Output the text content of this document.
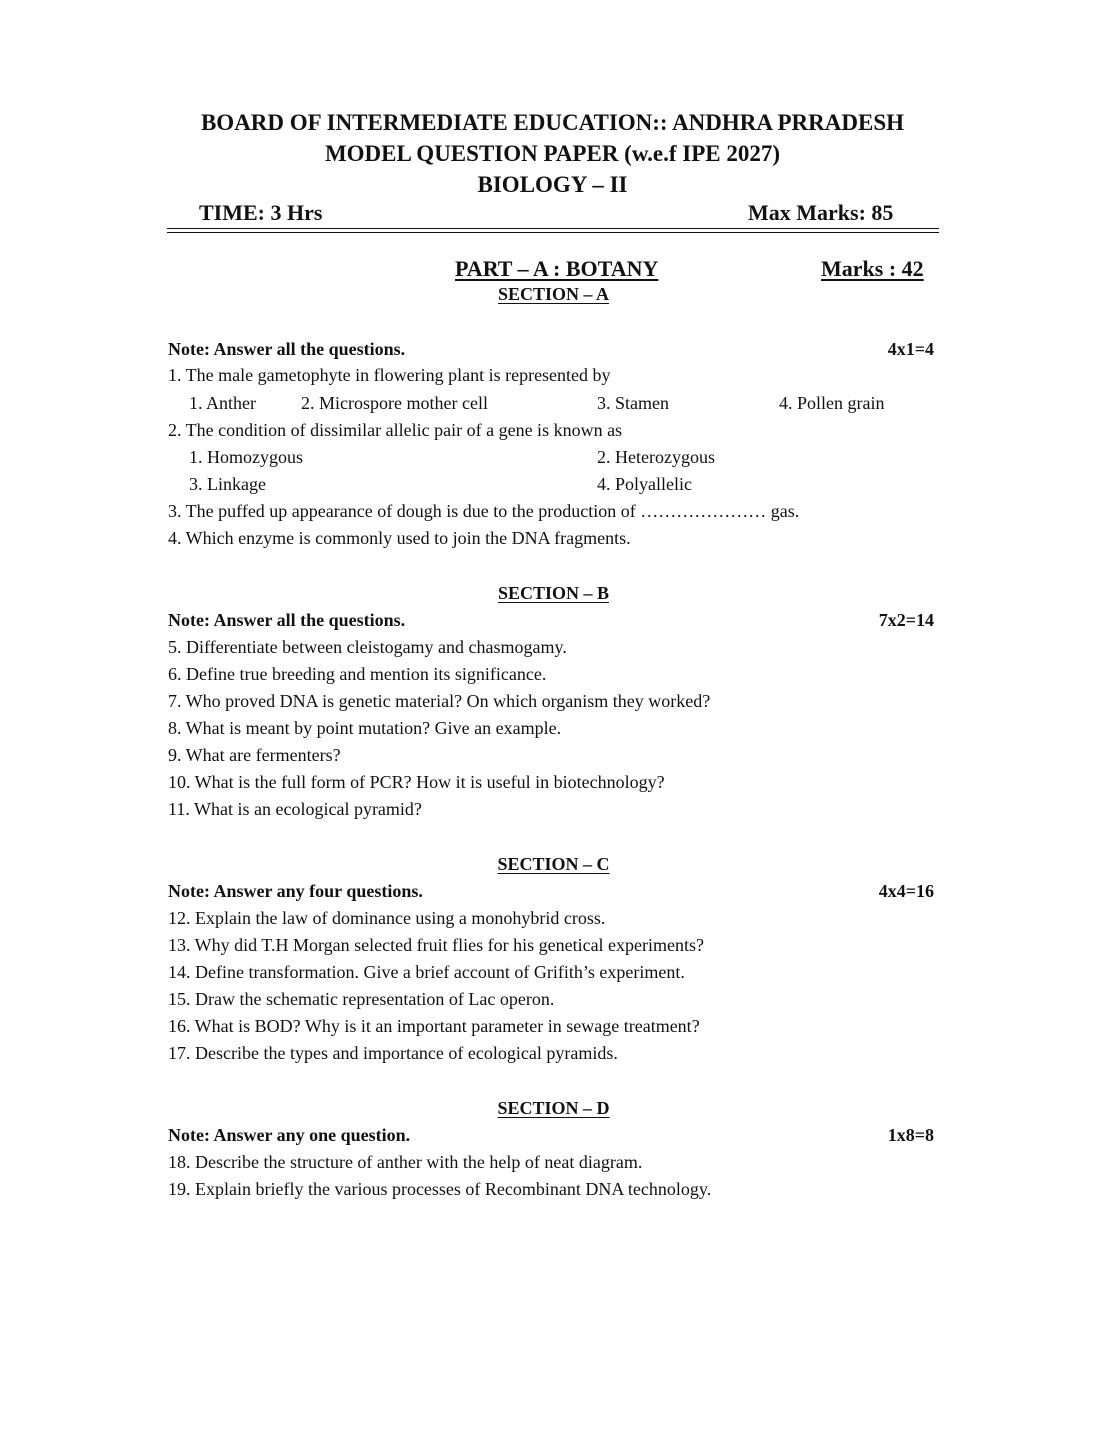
BOARD OF INTERMEDIATE EDUCATION:: ANDHRA PRRADESH
MODEL QUESTION PAPER (w.e.f IPE 2027)
BIOLOGY – II
TIME: 3 Hrs	Max Marks: 85
PART – A : BOTANY	Marks : 42
SECTION – A
Note: Answer all the questions.	4x1=4
1. The male gametophyte in flowering plant is represented by
1. Anther	2. Microspore mother cell	3. Stamen	4. Pollen grain
2. The condition of dissimilar allelic pair of a gene is known as
1. Homozygous	2. Heterozygous
3. Linkage	4. Polyallelic
3. The puffed up appearance of dough is due to the production of ………………… gas.
4. Which enzyme is commonly used to join the DNA fragments.
SECTION – B
Note: Answer all the questions.	7x2=14
5. Differentiate between cleistogamy and chasmogamy.
6. Define true breeding and mention its significance.
7. Who proved DNA is genetic material? On which organism they worked?
8. What is meant by point mutation? Give an example.
9. What are fermenters?
10. What is the full form of PCR? How it is useful in biotechnology?
11. What is an ecological pyramid?
SECTION – C
Note: Answer any four questions.	4x4=16
12. Explain the law of dominance using a monohybrid cross.
13. Why did T.H Morgan selected fruit flies for his genetical experiments?
14. Define transformation. Give a brief account of Grifith’s experiment.
15. Draw the schematic representation of Lac operon.
16. What is BOD? Why is it an important parameter in sewage treatment?
17. Describe the types and importance of ecological pyramids.
SECTION – D
Note: Answer any one question.	1x8=8
18. Describe the structure of anther with the help of neat diagram.
19. Explain briefly the various processes of Recombinant DNA technology.
